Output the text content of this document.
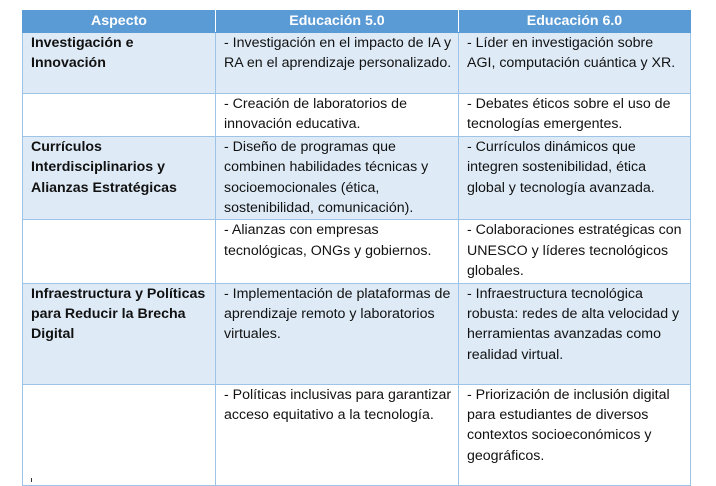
Aspecto	Educación 5.0	Educación 6.0
Investigación e Innovación	- Investigación en el impacto de IA y RA en el aprendizaje personalizado.	- Líder en investigación sobre AGI, computación cuántica y XR.
	- Creación de laboratorios de innovación educativa.	- Debates éticos sobre el uso de tecnologías emergentes.
Currículos Interdisciplinarios y Alianzas Estratégicas	- Diseño de programas que combinen habilidades técnicas y socioemocionales (ética, sostenibilidad, comunicación).	- Currículos dinámicos que integren sostenibilidad, ética global y tecnología avanzada.
	- Alianzas con empresas tecnológicas, ONGs y gobiernos.	- Colaboraciones estratégicas con UNESCO y líderes tecnológicos globales.
Infraestructura y Políticas para Reducir la Brecha Digital	- Implementación de plataformas de aprendizaje remoto y laboratorios virtuales.	- Infraestructura tecnológica robusta: redes de alta velocidad y herramientas avanzadas como realidad virtual.
	- Políticas inclusivas para garantizar acceso equitativo a la tecnología.	- Priorización de inclusión digital para estudiantes de diversos contextos socioeconómicos y geográficos.
